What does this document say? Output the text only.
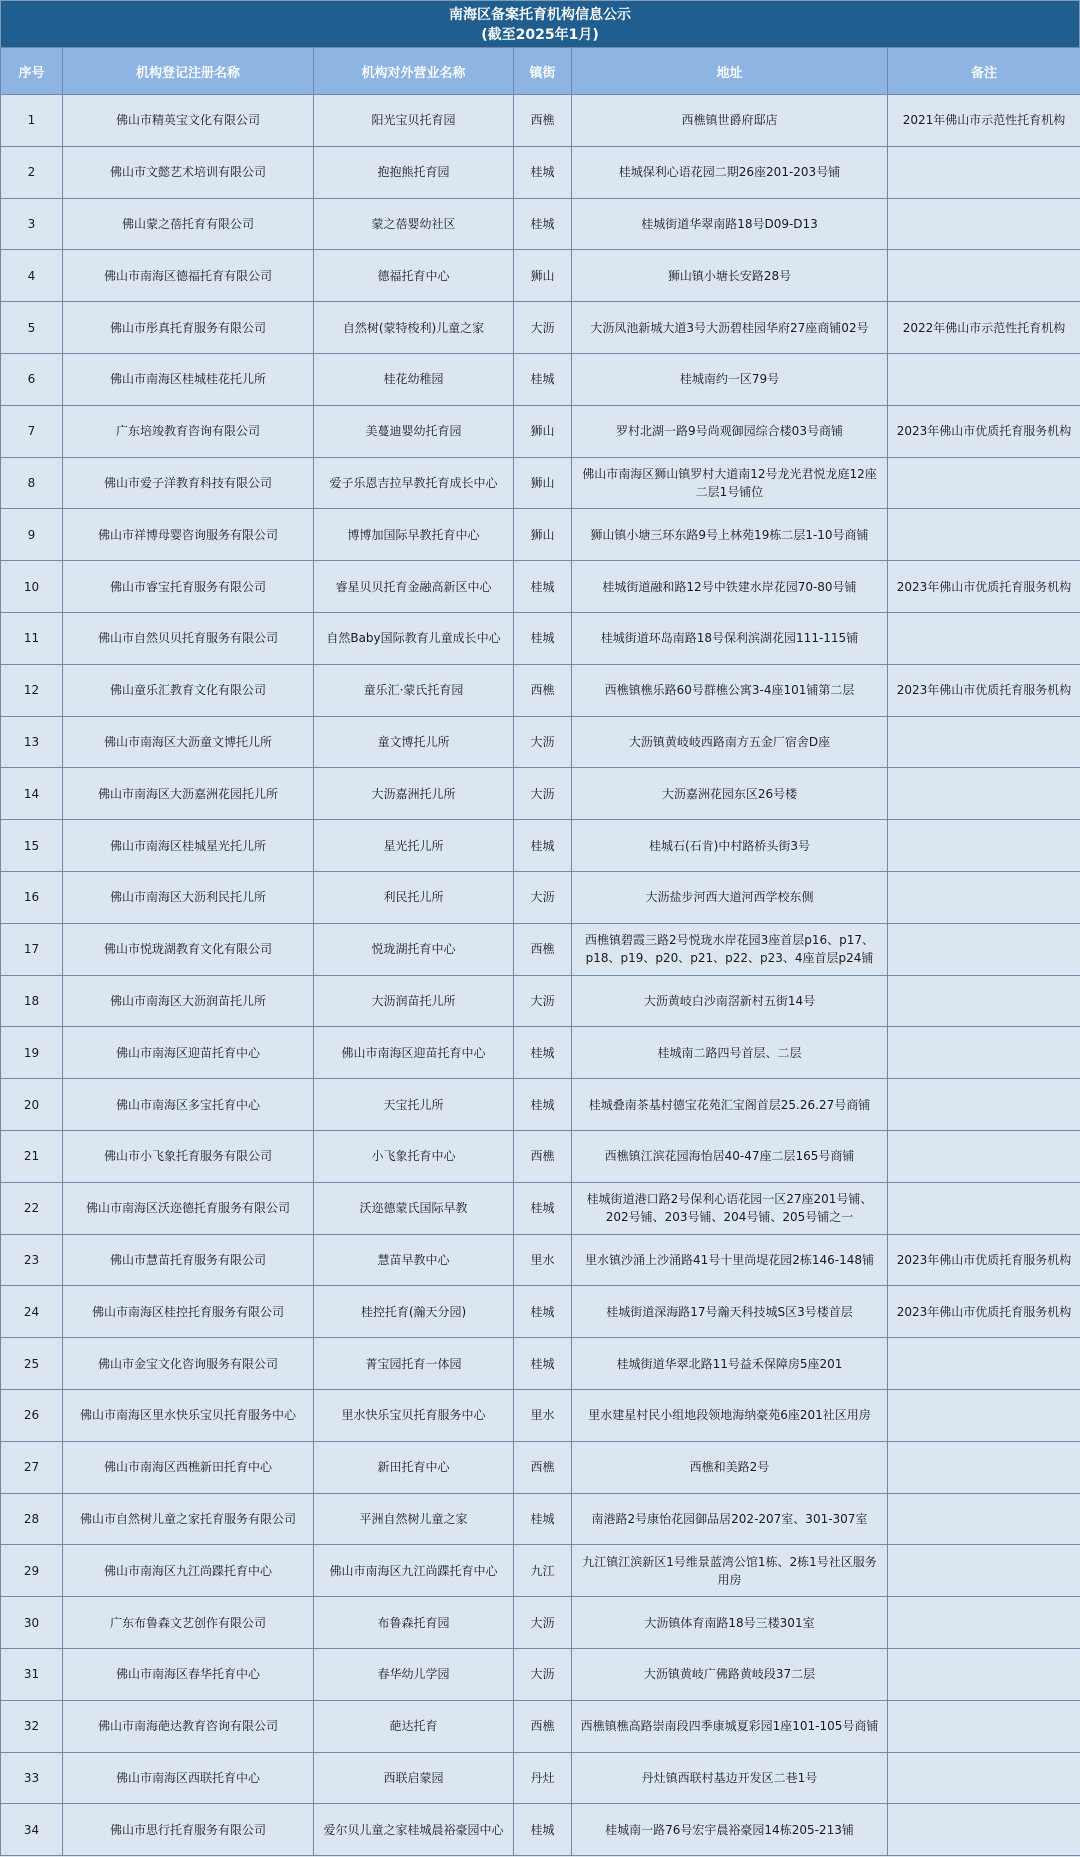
南海区备案托育机构信息公示
(截至2025年1月)
序号	机构登记注册名称	机构对外营业名称	镇街	地址	备注
1	佛山市精英宝文化有限公司	阳光宝贝托育园	西樵	西樵镇世爵府邸店	2021年佛山市示范性托育机构
2	佛山市文懿艺术培训有限公司	抱抱熊托育园	桂城	桂城保利心语花园二期26座201-203号铺	
3	佛山蒙之蓓托育有限公司	蒙之蓓婴幼社区	桂城	桂城街道华翠南路18号D09-D13	
4	佛山市南海区德福托育有限公司	德福托育中心	狮山	狮山镇小塘长安路28号	
5	佛山市彤真托育服务有限公司	自然树(蒙特梭利)儿童之家	大沥	大沥凤池新城大道3号大沥碧桂园华府27座商铺02号	2022年佛山市示范性托育机构
6	佛山市南海区桂城桂花托儿所	桂花幼稚园	桂城	桂城南约一区79号	
7	广东培竣教育咨询有限公司	美蔓迪婴幼托育园	狮山	罗村北湖一路9号尚观御园综合楼03号商铺	2023年佛山市优质托育服务机构
8	佛山市爱子洋教育科技有限公司	爱子乐恩吉拉早教托育成长中心	狮山	佛山市南海区狮山镇罗村大道南12号龙光君悦龙庭12座二层1号铺位	
9	佛山市祥博母婴咨询服务有限公司	博博加国际早教托育中心	狮山	狮山镇小塘三环东路9号上林苑19栋二层1-10号商铺	
10	佛山市睿宝托育服务有限公司	睿星贝贝托育金融高新区中心	桂城	桂城街道融和路12号中铁建水岸花园70-80号铺	2023年佛山市优质托育服务机构
11	佛山市自然贝贝托育服务有限公司	自然Baby国际教育儿童成长中心	桂城	桂城街道环岛南路18号保利滨湖花园111-115铺	
12	佛山童乐汇教育文化有限公司	童乐汇·蒙氏托育园	西樵	西樵镇樵乐路60号群樵公寓3-4座101铺第二层	2023年佛山市优质托育服务机构
13	佛山市南海区大沥童文博托儿所	童文博托儿所	大沥	大沥镇黄岐岐西路南方五金厂宿舍D座	
14	佛山市南海区大沥嘉洲花园托儿所	大沥嘉洲托儿所	大沥	大沥嘉洲花园东区26号楼	
15	佛山市南海区桂城星光托儿所	星光托儿所	桂城	桂城石(石肯)中村路桥头街3号	
16	佛山市南海区大沥利民托儿所	利民托儿所	大沥	大沥盐步河西大道河西学校东侧	
17	佛山市悦珑湖教育文化有限公司	悦珑湖托育中心	西樵	西樵镇碧霞三路2号悦珑水岸花园3座首层p16、p17、p18、p19、p20、p21、p22、p23、4座首层p24铺	
18	佛山市南海区大沥润苗托儿所	大沥润苗托儿所	大沥	大沥黄岐白沙南滘新村五街14号	
19	佛山市南海区迎苗托育中心	佛山市南海区迎苗托育中心	桂城	桂城南二路四号首层、二层	
20	佛山市南海区多宝托育中心	天宝托儿所	桂城	桂城叠南茶基村德宝花苑汇宝阁首层25.26.27号商铺	
21	佛山市小飞象托育服务有限公司	小飞象托育中心	西樵	西樵镇江滨花园海怡居40-47座二层165号商铺	
22	佛山市南海区沃迩德托育服务有限公司	沃迩德蒙氏国际早教	桂城	桂城街道港口路2号保利心语花园一区27座201号铺、202号铺、203号铺、204号铺、205号铺之一	
23	佛山市慧苗托育服务有限公司	慧苗早教中心	里水	里水镇沙涌上沙涌路41号十里尚堤花园2栋146-148铺	2023年佛山市优质托育服务机构
24	佛山市南海区桂控托育服务有限公司	桂控托育(瀚天分园)	桂城	桂城街道深海路17号瀚天科技城S区3号楼首层	2023年佛山市优质托育服务机构
25	佛山市金宝文化咨询服务有限公司	菁宝园托育一体园	桂城	桂城街道华翠北路11号益禾保障房5座201	
26	佛山市南海区里水快乐宝贝托育服务中心	里水快乐宝贝托育服务中心	里水	里水建星村民小组地段领地海纳豪苑6座201社区用房	
27	佛山市南海区西樵新田托育中心	新田托育中心	西樵	西樵和美路2号	
28	佛山市自然树儿童之家托育服务有限公司	平洲自然树儿童之家	桂城	南港路2号康怡花园御品居202-207室、301-307室	
29	佛山市南海区九江尚蹀托育中心	佛山市南海区九江尚蹀托育中心	九江	九江镇江滨新区1号维景蓝湾公馆1栋、2栋1号社区服务用房	
30	广东布鲁森文艺创作有限公司	布鲁森托育园	大沥	大沥镇体育南路18号三楼301室	
31	佛山市南海区春华托育中心	春华幼儿学园	大沥	大沥镇黄岐广佛路黄岐段37二层	
32	佛山市南海葩达教育咨询有限公司	葩达托育	西樵	西樵镇樵高路崇南段四季康城夏彩园1座101-105号商铺	
33	佛山市南海区西联托育中心	西联启蒙园	丹灶	丹灶镇西联村基边开发区二巷1号	
34	佛山市思行托育服务有限公司	爱尔贝儿童之家桂城晨裕豪园中心	桂城	桂城南一路76号宏宇晨裕豪园14栋205-213铺	
